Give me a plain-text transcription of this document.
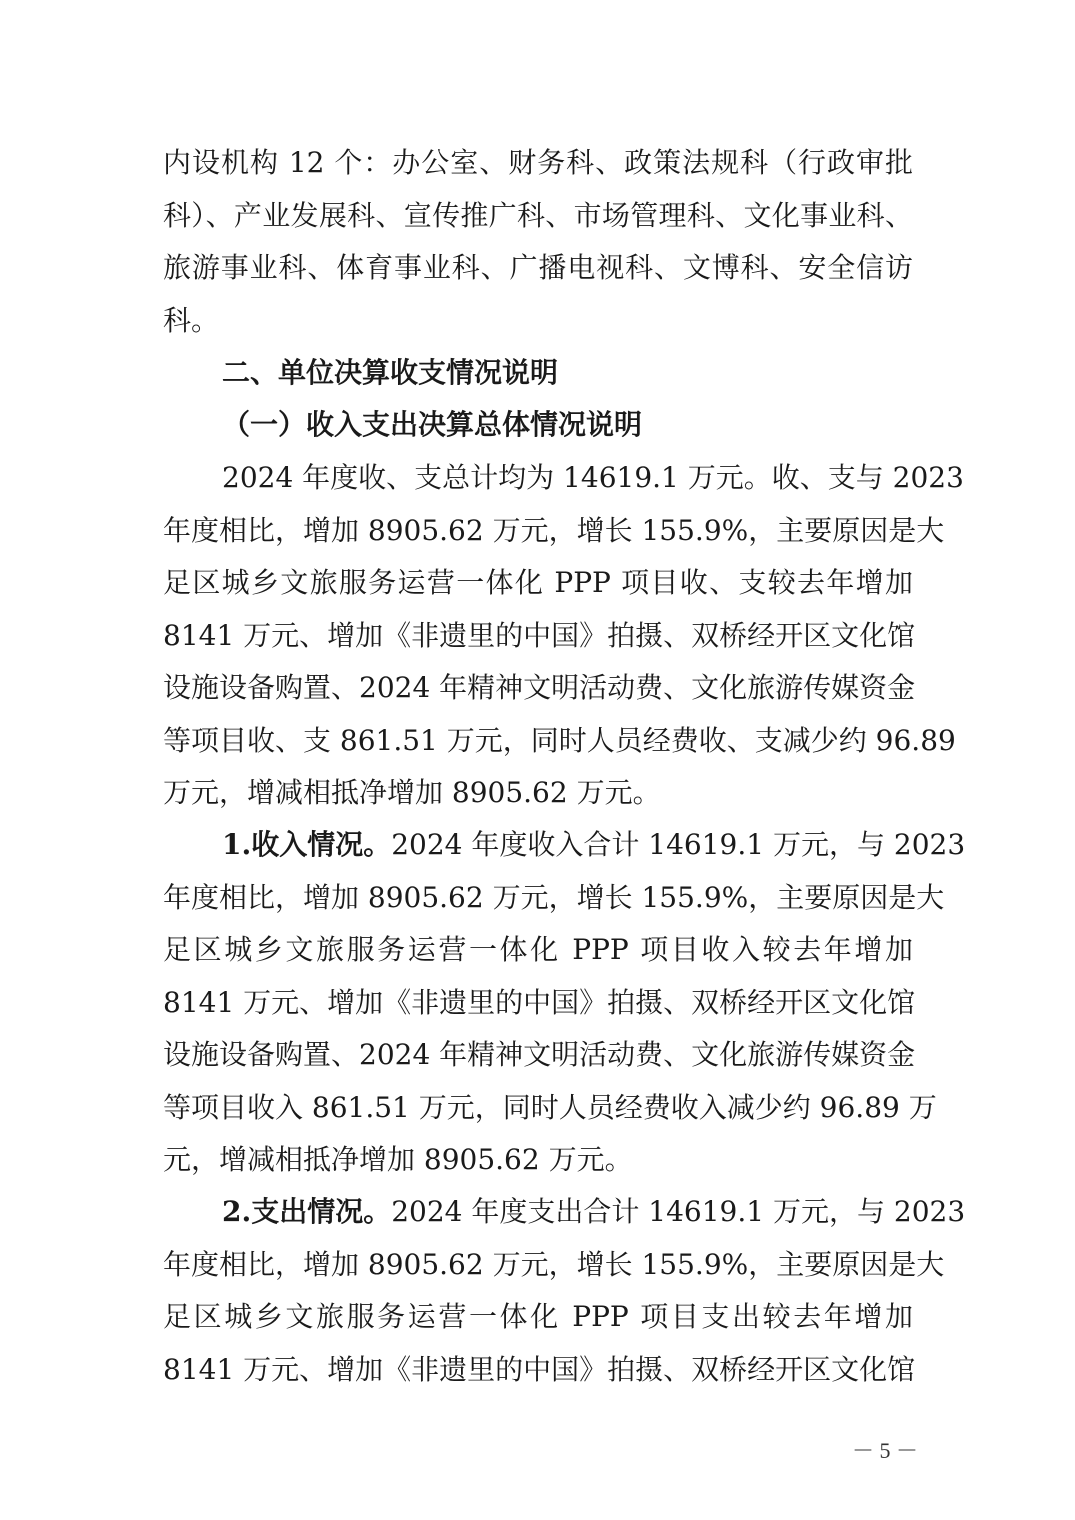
内设机构 12 个：办公室、财务科、政策法规科（行政审批
科）、产业发展科、宣传推广科、市场管理科、文化事业科、
旅游事业科、体育事业科、广播电视科、文博科、安全信访
科。
二、单位决算收支情况说明
（一）收入支出决算总体情况说明
2024 年度收、支总计均为 14619.1 万元。收、支与 2023
年度相比，增加 8905.62 万元，增长 155.9%，主要原因是大
足区城乡文旅服务运营一体化 PPP 项目收、支较去年增加
8141 万元、增加《非遗里的中国》拍摄、双桥经开区文化馆
设施设备购置、2024 年精神文明活动费、文化旅游传媒资金
等项目收、支 861.51 万元，同时人员经费收、支减少约 96.89
万元，增减相抵净增加 8905.62 万元。
1.收入情况。2024 年度收入合计 14619.1 万元，与 2023
年度相比，增加 8905.62 万元，增长 155.9%，主要原因是大
足区城乡文旅服务运营一体化 PPP 项目收入较去年增加
8141 万元、增加《非遗里的中国》拍摄、双桥经开区文化馆
设施设备购置、2024 年精神文明活动费、文化旅游传媒资金
等项目收入 861.51 万元，同时人员经费收入减少约 96.89 万
元，增减相抵净增加 8905.62 万元。
2.支出情况。2024 年度支出合计 14619.1 万元，与 2023
年度相比，增加 8905.62 万元，增长 155.9%，主要原因是大
足区城乡文旅服务运营一体化 PPP 项目支出较去年增加
8141 万元、增加《非遗里的中国》拍摄、双桥经开区文化馆
－ 5 －
